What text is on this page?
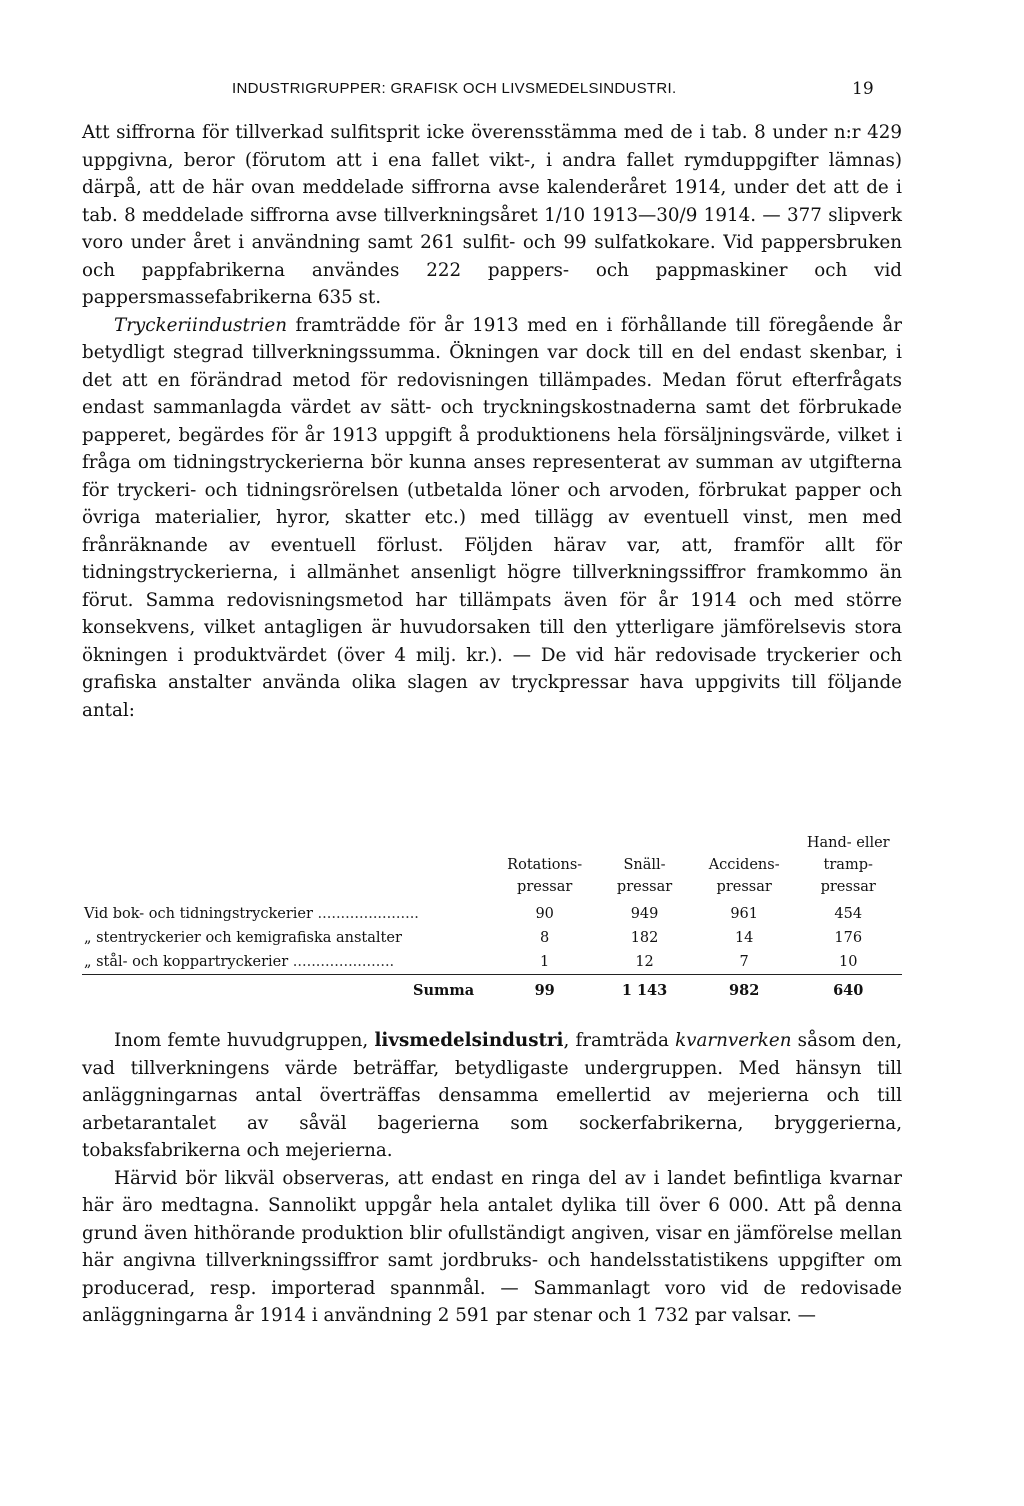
INDUSTRIGRUPPER: GRAFISK OCH LIVSMEDELSINDUSTRI.	19

Att siffrorna för tillverkad sulfitsprit icke överensstämma med de i tab. 8 under n:r 429 uppgivna, beror (förutom att i ena fallet vikt-, i andra fallet rymduppgifter lämnas) därpå, att de här ovan meddelade siffrorna avse kalenderåret 1914, under det att de i tab. 8 meddelade siffrorna avse tillverkningsåret 1/10 1913—30/9 1914. — 377 slipverk voro under året i användning samt 261 sulfit- och 99 sulfatkokare. Vid pappersbruken och pappfabrikerna användes 222 pappers- och pappmaskiner och vid pappersmassefabrikerna 635 st.

Tryckeriindustrien framträdde för år 1913 med en i förhållande till föregående år betydligt stegrad tillverkningssumma. Ökningen var dock till en del endast skenbar, i det att en förändrad metod för redovisningen tillämpades. Medan förut efterfrågats endast sammanlagda värdet av sätt- och tryckningskostnaderna samt det förbrukade papperet, begärdes för år 1913 uppgift å produktionens hela försäljningsvärde, vilket i fråga om tidningstryckerierna bör kunna anses representerat av summan av utgifterna för tryckeri- och tidningsrörelsen (utbetalda löner och arvoden, förbrukat papper och övriga materialier, hyror, skatter etc.) med tillägg av eventuell vinst, men med frånräknande av eventuell förlust. Följden härav var, att, framför allt för tidningstryckerierna, i allmänhet ansenligt högre tillverkningssiffror framkommo än förut. Samma redovisningsmetod har tillämpats även för år 1914 och med större konsekvens, vilket antagligen är huvudorsaken till den ytterligare jämförelsevis stora ökningen i produktvärdet (över 4 milj. kr.). — De vid här redovisade tryckerier och grafiska anstalter använda olika slagen av tryckpressar hava uppgivits till följande antal:

	Rotations- pressar	Snäll- pressar	Accidens- pressar	Hand- eller tramp- pressar
Vid bok- och tidningstryckerier .....	90	949	961	454
„ stentryckerier och kemigrafiska anstalter	8	182	14	176
„ stål- och koppartryckerier .....	1	12	7	10
Summa	99	1 143	982	640

Inom femte huvudgruppen, livsmedelsindustri, framträda kvarnverken såsom den, vad tillverkningens värde beträffar, betydligaste undergruppen. Med hänsyn till anläggningarnas antal överträffas densamma emellertid av mejerierna och till arbetarantalet av såväl bagerierna som sockerfabrikerna, bryggerierna, tobaksfabrikerna och mejerierna.

Härvid bör likväl observeras, att endast en ringa del av i landet befintliga kvarnar här äro medtagna. Sannolikt uppgår hela antalet dylika till över 6 000. Att på denna grund även hithörande produktion blir ofullständigt angiven, visar en jämförelse mellan här angivna tillverkningssiffror samt jordbruks- och handelsstatistikens uppgifter om producerad, resp. importerad spannmål. — Sammanlagt voro vid de redovisade anläggningarna år 1914 i användning 2 591 par stenar och 1 732 par valsar. —
